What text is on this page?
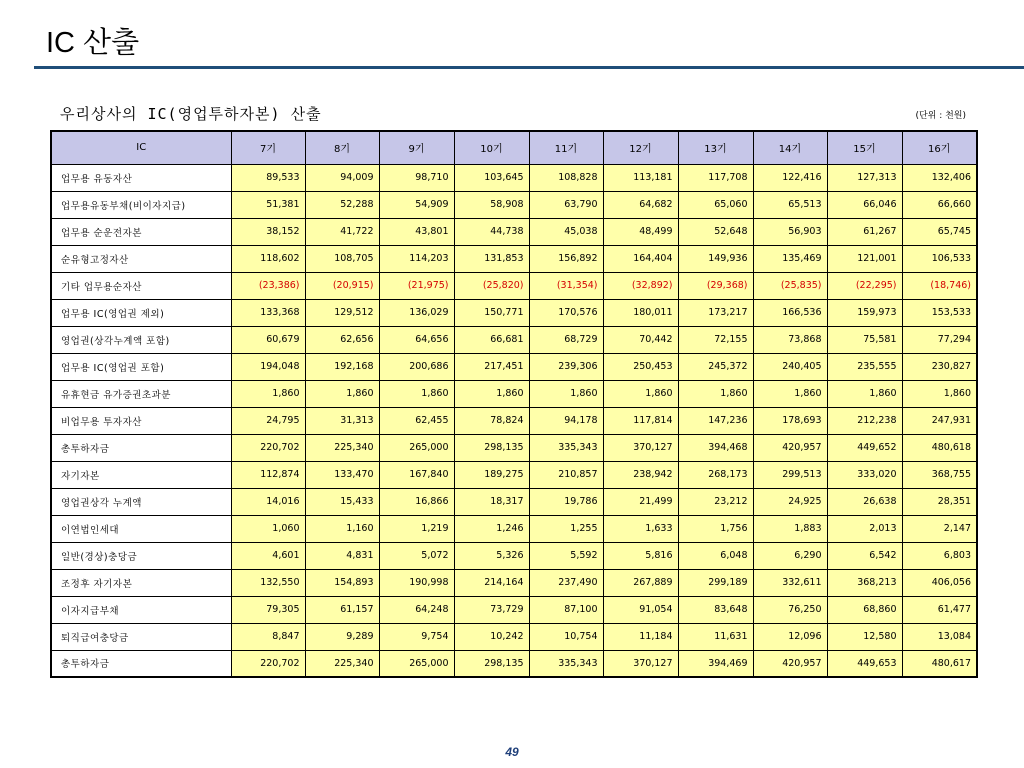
IC 산출
우리상사의 IC(영업투하자본) 산출	(단위 : 천원)
IC	7기	8기	9기	10기	11기	12기	13기	14기	15기	16기
업무용 유동자산	89,533	94,009	98,710	103,645	108,828	113,181	117,708	122,416	127,313	132,406
업무용유동부채(비이자지급)	51,381	52,288	54,909	58,908	63,790	64,682	65,060	65,513	66,046	66,660
업무용 순운전자본	38,152	41,722	43,801	44,738	45,038	48,499	52,648	56,903	61,267	65,745
순유형고정자산	118,602	108,705	114,203	131,853	156,892	164,404	149,936	135,469	121,001	106,533
기타 업무용순자산	(23,386)	(20,915)	(21,975)	(25,820)	(31,354)	(32,892)	(29,368)	(25,835)	(22,295)	(18,746)
업무용 IC(영업권 제외)	133,368	129,512	136,029	150,771	170,576	180,011	173,217	166,536	159,973	153,533
영업권(상각누계액 포함)	60,679	62,656	64,656	66,681	68,729	70,442	72,155	73,868	75,581	77,294
업무용 IC(영업권 포함)	194,048	192,168	200,686	217,451	239,306	250,453	245,372	240,405	235,555	230,827
유휴현금 유가증권초과분	1,860	1,860	1,860	1,860	1,860	1,860	1,860	1,860	1,860	1,860
비업무용 투자자산	24,795	31,313	62,455	78,824	94,178	117,814	147,236	178,693	212,238	247,931
총투하자금	220,702	225,340	265,000	298,135	335,343	370,127	394,468	420,957	449,652	480,618
자기자본	112,874	133,470	167,840	189,275	210,857	238,942	268,173	299,513	333,020	368,755
영업권상각 누계액	14,016	15,433	16,866	18,317	19,786	21,499	23,212	24,925	26,638	28,351
이연법인세대	1,060	1,160	1,219	1,246	1,255	1,633	1,756	1,883	2,013	2,147
일반(경상)충당금	4,601	4,831	5,072	5,326	5,592	5,816	6,048	6,290	6,542	6,803
조정후 자기자본	132,550	154,893	190,998	214,164	237,490	267,889	299,189	332,611	368,213	406,056
이자지급부채	79,305	61,157	64,248	73,729	87,100	91,054	83,648	76,250	68,860	61,477
퇴직급여충당금	8,847	9,289	9,754	10,242	10,754	11,184	11,631	12,096	12,580	13,084
총투하자금	220,702	225,340	265,000	298,135	335,343	370,127	394,469	420,957	449,653	480,617
49
